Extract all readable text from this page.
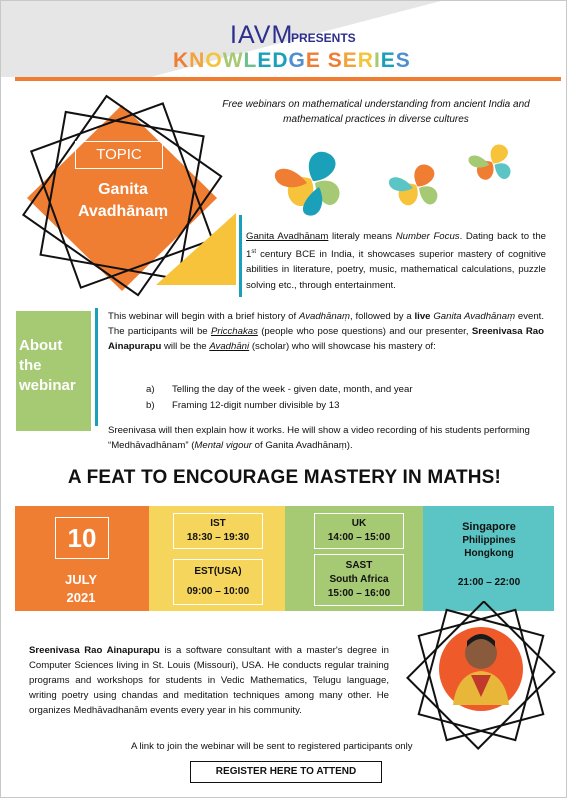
IAVM
PRESENTS
KNOWLEDGE SERIES
Free webinars on mathematical understanding from ancient India and mathematical practices in diverse cultures
TOPIC
Ganita
Avadhānaṃ
Ganita Avadhānaṃ literaly means Number Focus. Dating back to the 1st century BCE in India, it showcases superior mastery of cognitive abilities in literature, poetry, music, mathematical calculations, puzzle solving etc., through entertainment.
About
the
webinar
This webinar will begin with a brief history of Avadhānaṃ, followed by a live Ganita Avadhānaṃ event. The participants will be Pricchakas (people who pose questions) and our presenter, Sreenivasa Rao Ainapurapu will be the Avadhāni (scholar) who will showcase his mastery of:
a) Telling the day of the week - given date, month, and year
b) Framing 12-digit number divisible by 13
Sreenivasa will then explain how it works. He will show a video recording of his students performing “Medhāvadhānam” (Mental vigour of Ganita Avadhānaṃ).
A FEAT TO ENCOURAGE MASTERY IN MATHS!
10
JULY
2021
IST
18:30 – 19:30
EST(USA)
09:00 – 10:00
UK
14:00 – 15:00
SAST
South Africa
15:00 – 16:00
Singapore
Philippines
Hongkong
21:00 – 22:00
Sreenivasa Rao Ainapurapu is a software consultant with a master's degree in Computer Sciences living in St. Louis (Missouri), USA. He conducts regular training programs and workshops for students in Vedic Mathematics, Telugu language, writing poetry using chandas and meditation techniques among many other. He organizes Medhāvadhanām events every year in his community.
A link to join the webinar will be sent to registered participants only
REGISTER HERE TO ATTEND
